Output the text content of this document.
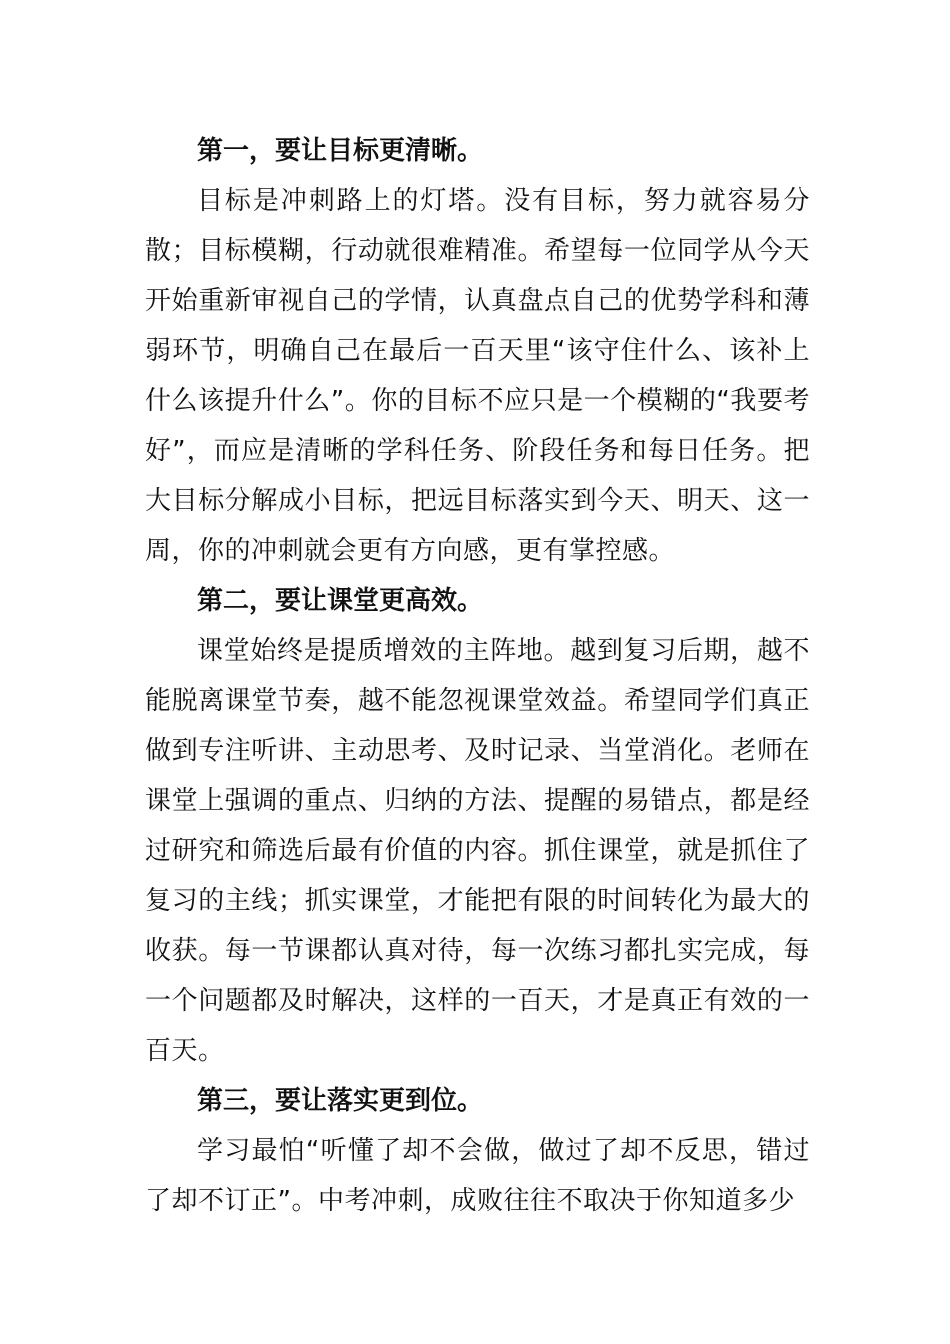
第一，要让目标更清晰。

目标是冲刺路上的灯塔。没有目标，努力就容易分散；目标模糊，行动就很难精准。希望每一位同学从今天开始重新审视自己的学情，认真盘点自己的优势学科和薄弱环节，明确自己在最后一百天里“该守住什么、该补上什么该提升什么”。你的目标不应只是一个模糊的“我要考好”，而应是清晰的学科任务、阶段任务和每日任务。把大目标分解成小目标，把远目标落实到今天、明天、这一周，你的冲刺就会更有方向感，更有掌控感。

第二，要让课堂更高效。

课堂始终是提质增效的主阵地。越到复习后期，越不能脱离课堂节奏，越不能忽视课堂效益。希望同学们真正做到专注听讲、主动思考、及时记录、当堂消化。老师在课堂上强调的重点、归纳的方法、提醒的易错点，都是经过研究和筛选后最有价值的内容。抓住课堂，就是抓住了复习的主线；抓实课堂，才能把有限的时间转化为最大的收获。每一节课都认真对待，每一次练习都扎实完成，每一个问题都及时解决，这样的一百天，才是真正有效的一百天。

第三，要让落实更到位。

学习最怕“听懂了却不会做，做过了却不反思，错过了却不订正”。中考冲刺，成败往往不取决于你知道多少
